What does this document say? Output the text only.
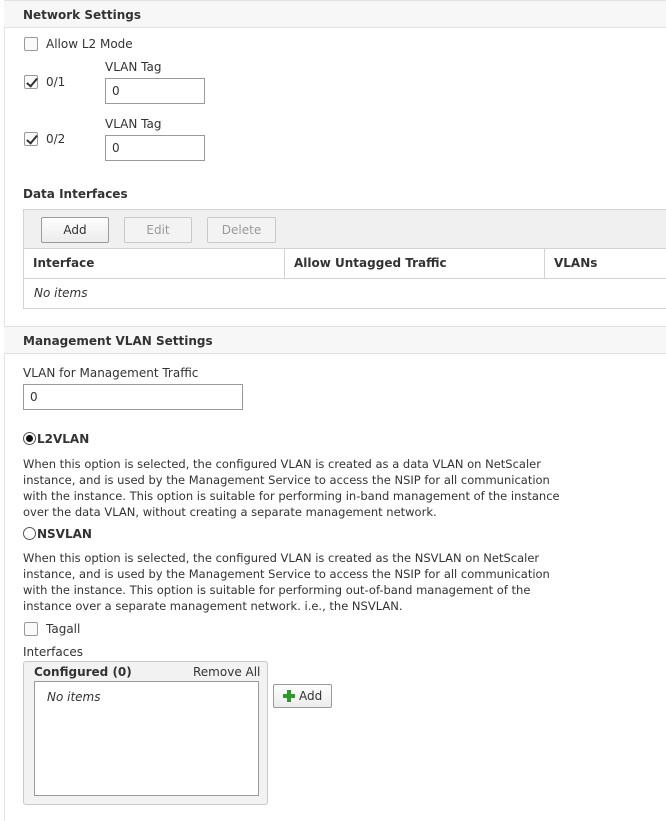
Network Settings
Allow L2 Mode
0/1
VLAN Tag
0
0/2
VLAN Tag
0
Data Interfaces
Add	Edit	Delete
Interface	Allow Untagged Traffic	VLANs
No items
Management VLAN Settings
VLAN for Management Traffic
0
L2VLAN
When this option is selected, the configured VLAN is created as a data VLAN on NetScaler instance, and is used by the Management Service to access the NSIP for all communication with the instance. This option is suitable for performing in-band management of the instance over the data VLAN, without creating a separate management network.
NSVLAN
When this option is selected, the configured VLAN is created as the NSVLAN on NetScaler instance, and is used by the Management Service to access the NSIP for all communication with the instance. This option is suitable for performing out-of-band management of the instance over a separate management network. i.e., the NSVLAN.
Tagall
Interfaces
Configured (0)	Remove All
No items	Add
